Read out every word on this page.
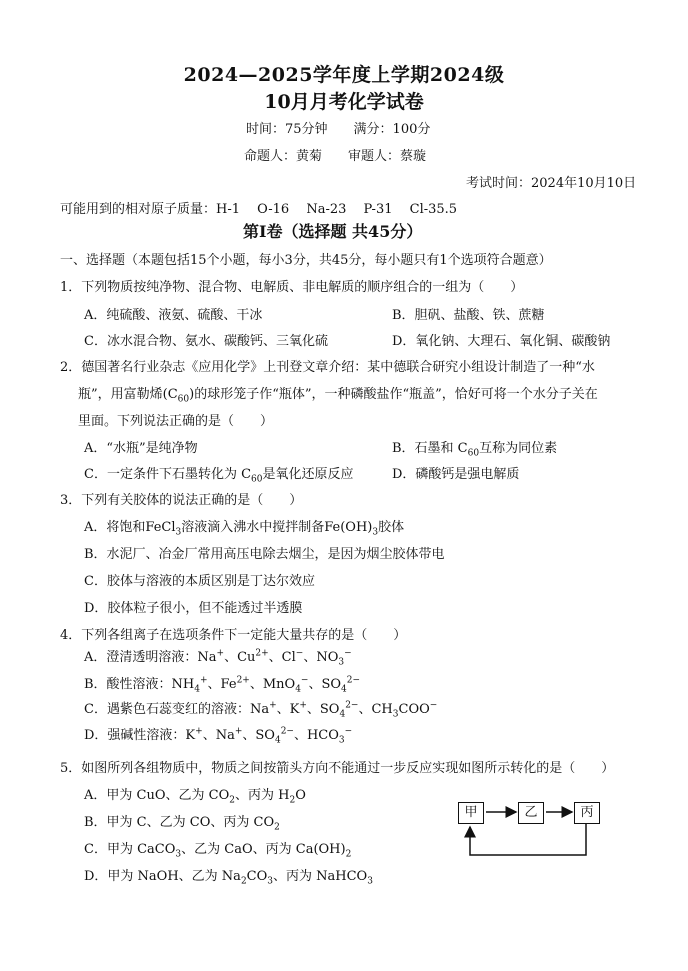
2024—2025学年度上学期2024级
10月月考化学试卷
时间：75分钟　　满分：100分
命题人：黄菊　　审题人：蔡璇
考试时间：2024年10月10日
可能用到的相对原子质量：H-1　 O-16　 Na-23　 P-31　 Cl-35.5
第Ⅰ卷（选择题 共45分）
一、选择题（本题包括15个小题，每小3分，共45分，每小题只有1个选项符合题意）
1．下列物质按纯净物、混合物、电解质、非电解质的顺序组合的一组为（　　）
A．纯硫酸、液氨、硫酸、干冰	B．胆矾、盐酸、铁、蔗糖
C．冰水混合物、氨水、碳酸钙、三氧化硫	D．氧化钠、大理石、氧化铜、碳酸钠
2．德国著名行业杂志《应用化学》上刊登文章介绍：某中德联合研究小组设计制造了一种“水
瓶”，用富勒烯$(C_{60})$的球形笼子作“瓶体”，一种磷酸盐作“瓶盖”，恰好可将一个水分子关在
里面。下列说法正确的是（　　）
A．“水瓶”是纯净物	B．石墨和 $C_{60}$互称为同位素
C．一定条件下石墨转化为 $C_{60}$是氧化还原反应	D．磷酸钙是强电解质
3．下列有关胶体的说法正确的是（　　）
A．将饱和FeCl$_3$溶液滴入沸水中搅拌制备$Fe(OH)_3$胶体
B．水泥厂、冶金厂常用高压电除去烟尘，是因为烟尘胶体带电
C．胶体与溶液的本质区别是丁达尔效应
D．胶体粒子很小，但不能透过半透膜
4．下列各组离子在选项条件下一定能大量共存的是（　　）
A．澄清透明溶液：Na+、$Cu^{2+}$、Cl−、$NO_3^-$
B．酸性溶液：$NH_4^+$、$Fe^{2+}$、MnO$_4$−、$SO_4^{2-}$
C．遇紫色石蕊变红的溶液：Na+、K+、$SO_4^{2-}$、$CH_3COO^-$
D．强碱性溶液：K+、Na+、$SO_4^{2-}$、$HCO_3^-$
5．如图所列各组物质中，物质之间按箭头方向不能通过一步反应实现如图所示转化的是（　　）
A．甲为 CuO、乙为 $CO_2$、丙为 $H_2O$
B．甲为 C、乙为 CO、丙为 $CO_2$
C．甲为 CaCO$_3$、乙为 CaO、丙为 $Ca(OH)_2$
D．甲为 NaOH、乙为 $Na_2CO_3$、丙为 NaHCO$_3$
甲	乙	丙
